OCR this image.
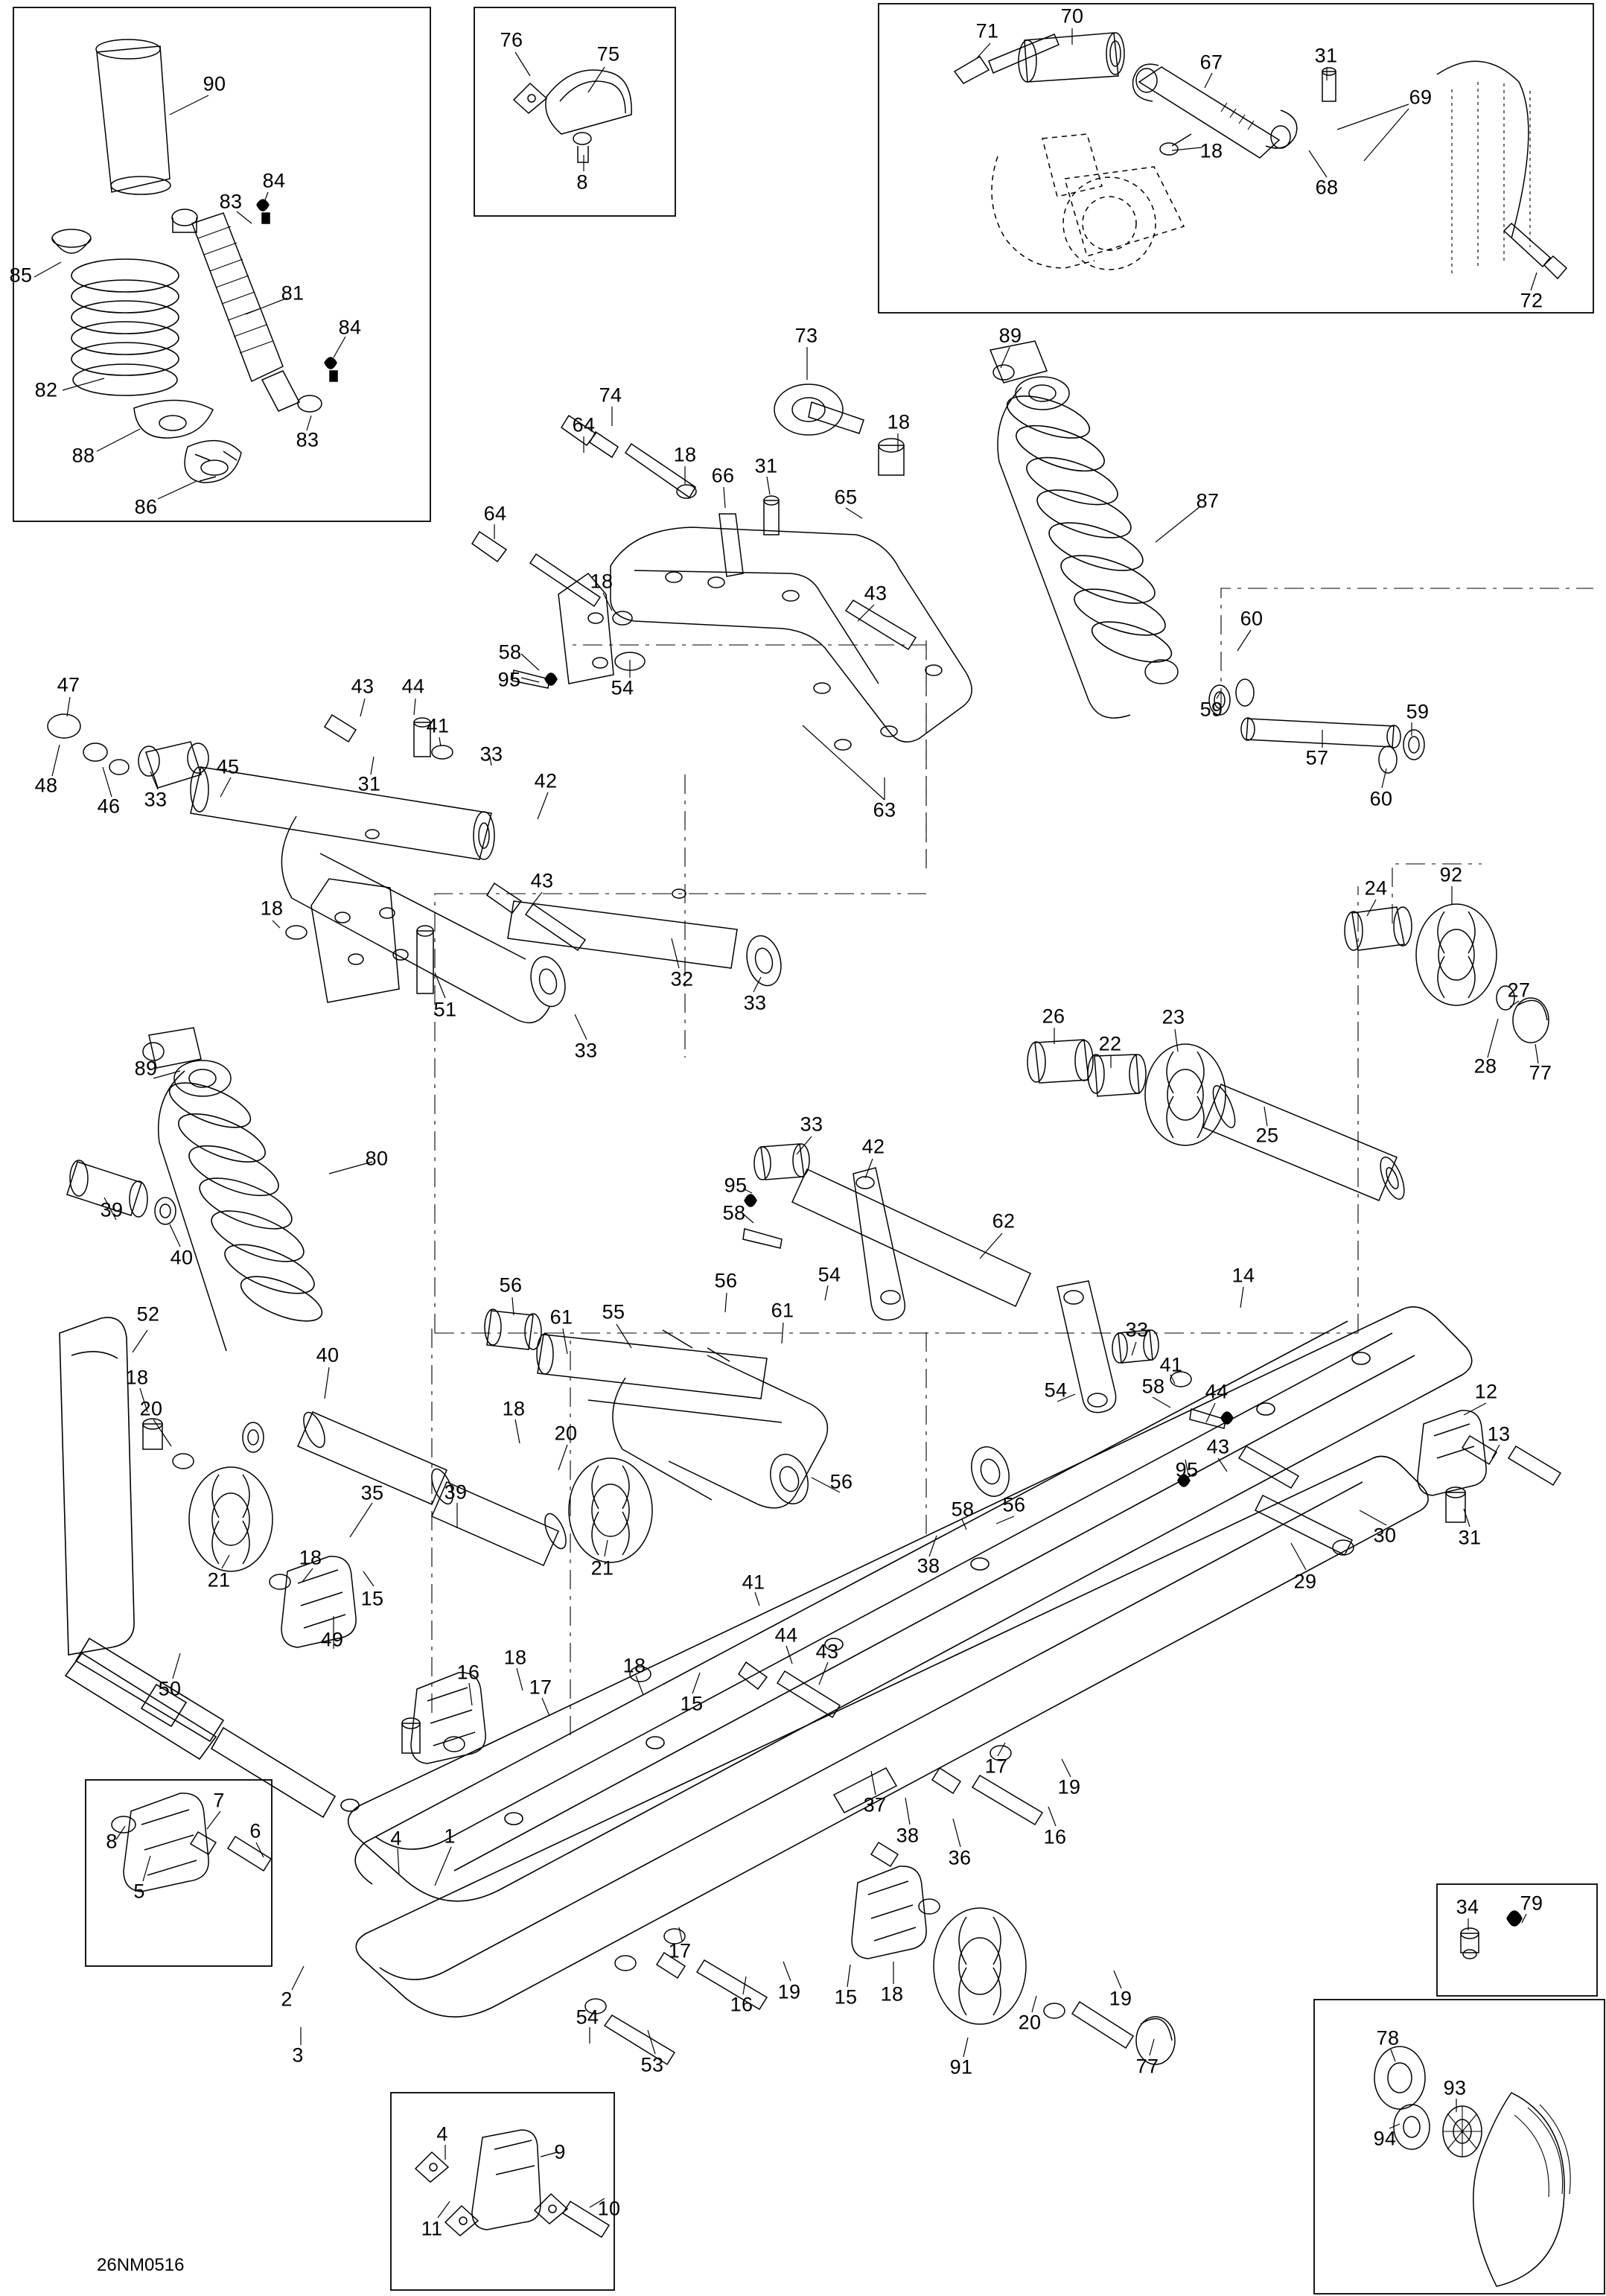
90
84
83
85
81
84
82
83
88
86
76
75
8
71
70
67	31
69
18
68
72
73	89
74
64
18
66
18
31
65	87
64
18
43
58
95	54
60
59	59
57
60
63
47
48
46 33
45
43 44
41
31
33
42
24
92
27
28 77
18
43
51
32
33
33
26
22
23
25
89
80
39
40
33
42
95
58
54
62
14
52
56
61 55
56
61
33
41
58 44
54
43
95
12
13
18
20
40
18
20
35	39	56
21
18
15
21
58 56
38
41
30	31
29
49
50
16
18
17
18
15
44
43
17
19
16
37
38
36
7
8	6
5
4 1
34 79
2
17
16
19 15 18
20
19
3
54
53	91	77
78
93
94
4
9
10
11
26NM0516
